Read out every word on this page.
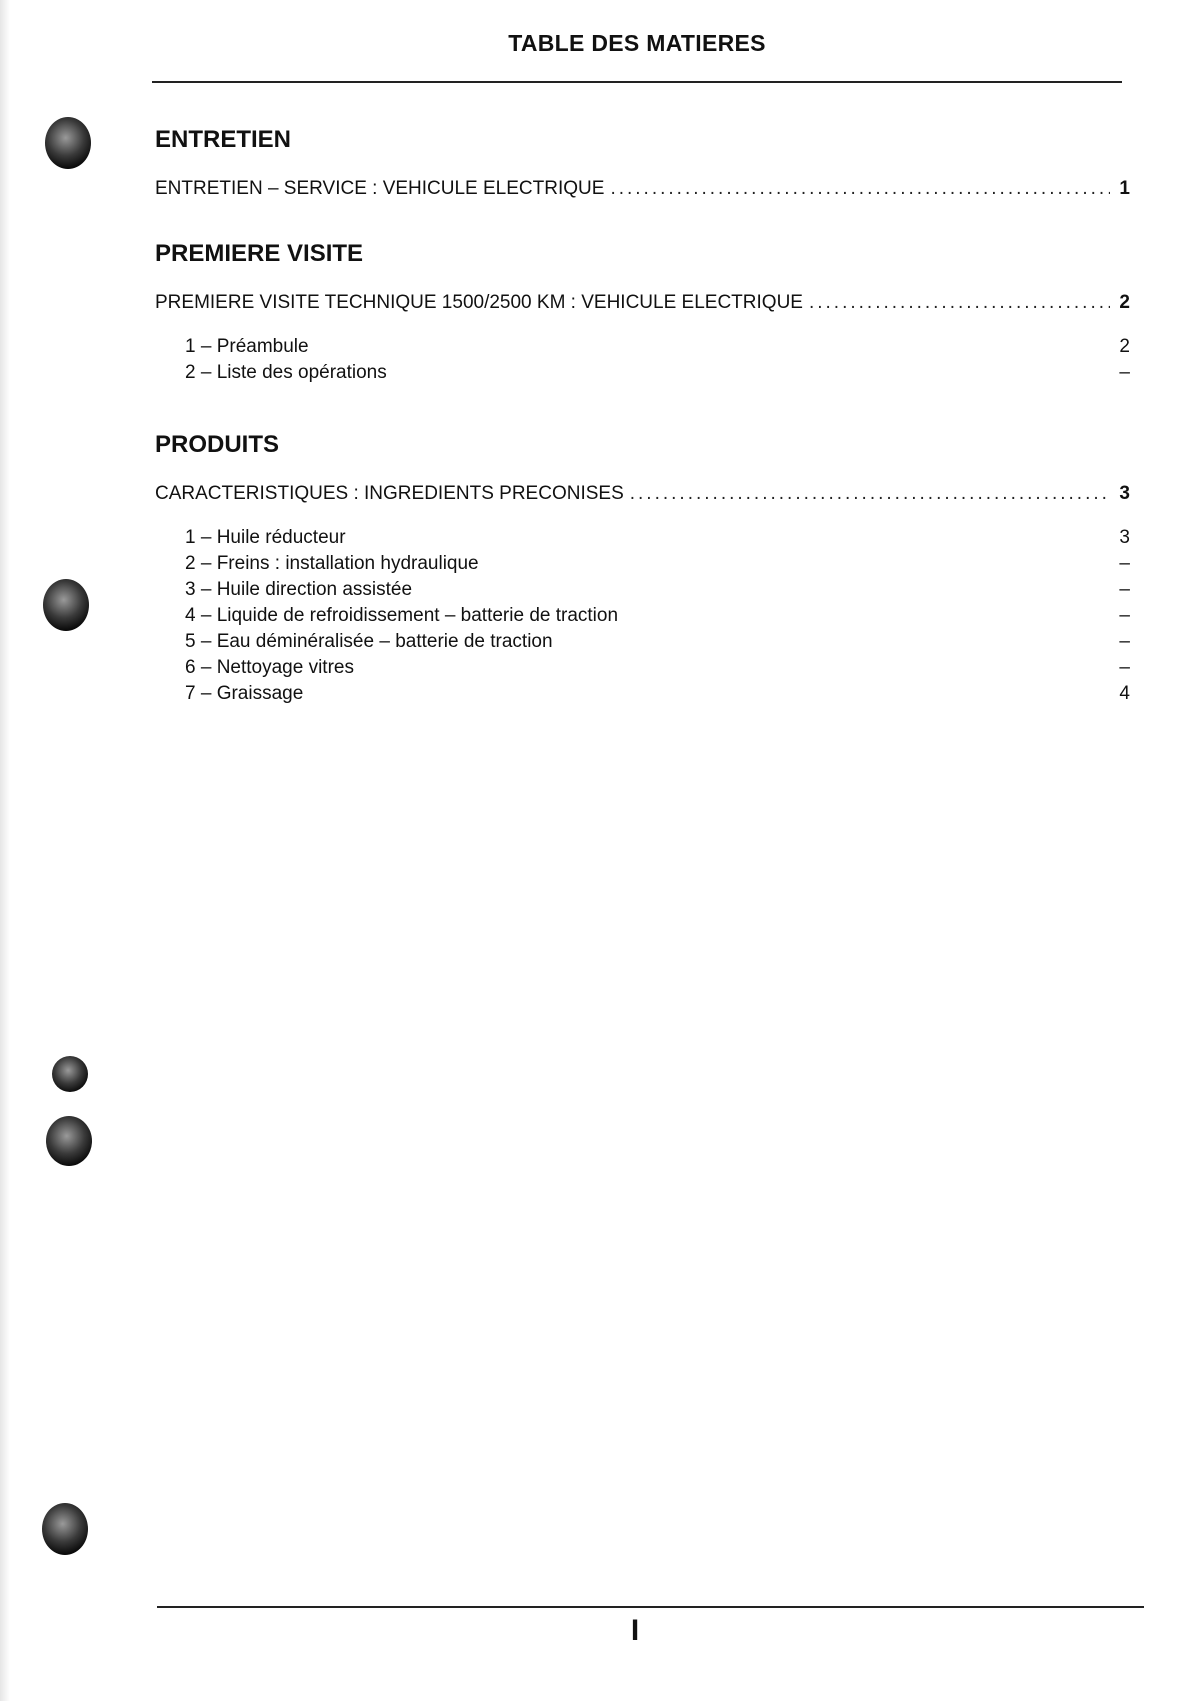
TABLE DES MATIERES
ENTRETIEN
ENTRETIEN – SERVICE : VEHICULE ELECTRIQUE .....	1
PREMIERE VISITE
PREMIERE VISITE TECHNIQUE 1500/2500 KM : VEHICULE ELECTRIQUE .....	2
1 – Préambule	2
2 – Liste des opérations	–
PRODUITS
CARACTERISTIQUES : INGREDIENTS PRECONISES .....	3
1 – Huile réducteur	3
2 – Freins : installation hydraulique	–
3 – Huile direction assistée	–
4 – Liquide de refroidissement – batterie de traction	–
5 – Eau déminéralisée – batterie de traction	–
6 – Nettoyage vitres	–
7 – Graissage	4
I
